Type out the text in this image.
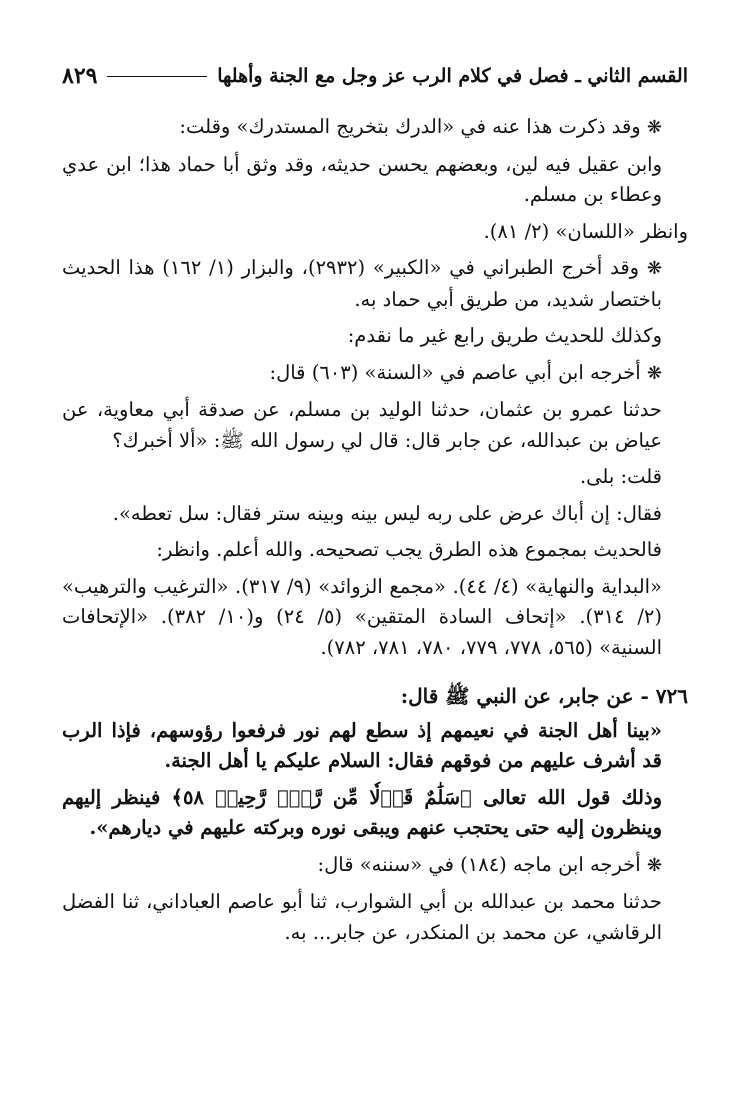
القسم الثاني ـ فصل في كلام الرب عز وجل مع الجنة وأهلها
٨٢٩

❋ وقد ذكرت هذا عنه في «الدرك بتخريج المستدرك» وقلت:

وابن عقيل فيه لين، وبعضهم يحسن حديثه، وقد وثق أبا حماد هذا؛ ابن عدي وعطاء بن مسلم.

وانظر «اللسان» (٢/ ٨١).

❋ وقد أخرج الطبراني في «الكبير» (٢٩٣٢)، والبزار (١/ ١٦٢) هذا الحديث باختصار شديد، من طريق أبي حماد به.

وكذلك للحديث طريق رابع غير ما نقدم:

❋ أخرجه ابن أبي عاصم في «السنة» (٦٠٣) قال:

حدثنا عمرو بن عثمان، حدثنا الوليد بن مسلم، عن صدقة أبي معاوية، عن عياض بن عبدالله، عن جابر قال: قال لي رسول الله ﷺ: «ألا أخبرك؟

قلت: بلى.

فقال: إن أباك عرض على ربه ليس بينه وبينه ستر فقال: سل تعطه».

فالحديث بمجموع هذه الطرق يجب تصحيحه. والله أعلم. وانظر:

«البداية والنهاية» (٤/ ٤٤). «مجمع الزوائد» (٩/ ٣١٧). «الترغيب والترهيب» (٢/ ٣١٤). «إتحاف السادة المتقين» (٥/ ٢٤) و(١٠/ ٣٨٢). «الإتحافات السنية» (٥٦٥، ٧٧٨، ٧٧٩، ٧٨٠، ٧٨١، ٧٨٢).

٧٢٦ - عن جابر، عن النبي ﷺ قال:

«بينا أهل الجنة في نعيمهم إذ سطع لهم نور فرفعوا رؤوسهم، فإذا الرب قد أشرف عليهم من فوقهم فقال: السلام عليكم يا أهل الجنة.

وذلك قول الله تعالى ﴿سَلَٰمٌ قَوۡلٗا مِّن رَّبّٖ رَّحِيمٖ ٥٨﴾ فينظر إليهم وينظرون إليه حتى يحتجب عنهم ويبقى نوره وبركته عليهم في ديارهم».

❋ أخرجه ابن ماجه (١٨٤) في «سننه» قال:

حدثنا محمد بن عبدالله بن أبي الشوارب، ثنا أبو عاصم العباداني، ثنا الفضل الرقاشي، عن محمد بن المنكدر، عن جابر... به.
